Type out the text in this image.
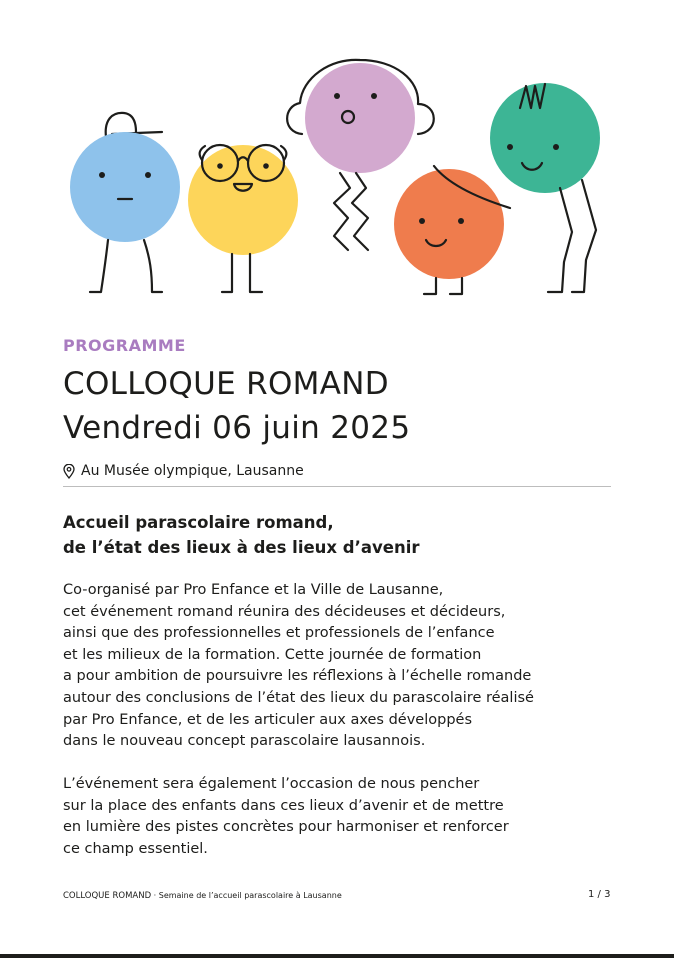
PROGRAMME
COLLOQUE ROMAND
Vendredi 06 juin 2025
Au Musée olympique, Lausanne
Accueil parascolaire romand,
de l’état des lieux à des lieux d’avenir
Co-organisé par Pro Enfance et la Ville de Lausanne,
cet événement romand réunira des décideuses et décideurs,
ainsi que des professionnelles et professionels de l’enfance
et les milieux de la formation. Cette journée de formation
a pour ambition de poursuivre les réflexions à l’échelle romande
autour des conclusions de l’état des lieux du parascolaire réalisé
par Pro Enfance, et de les articuler aux axes développés
dans le nouveau concept parascolaire lausannois.
L’événement sera également l’occasion de nous pencher
sur la place des enfants dans ces lieux d’avenir et de mettre
en lumière des pistes concrètes pour harmoniser et renforcer
ce champ essentiel.
COLLOQUE ROMAND · Semaine de l’accueil parascolaire à Lausanne	1 / 3
